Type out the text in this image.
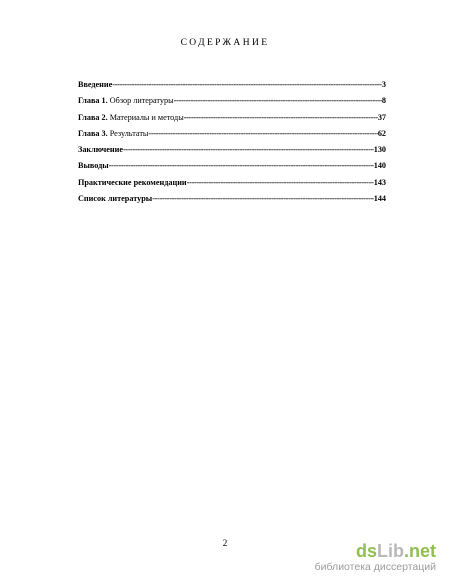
СОДЕРЖАНИЕ
Введение -----	3
Глава 1. Обзор литературы -----	8
Глава 2. Материалы и методы -----	37
Глава 3. Результаты -----	62
Заключение -----	130
Выводы -----	140
Практические рекомендации -----	143
Список литературы -----	144
2	dsLib.net
библиотека диссертаций
